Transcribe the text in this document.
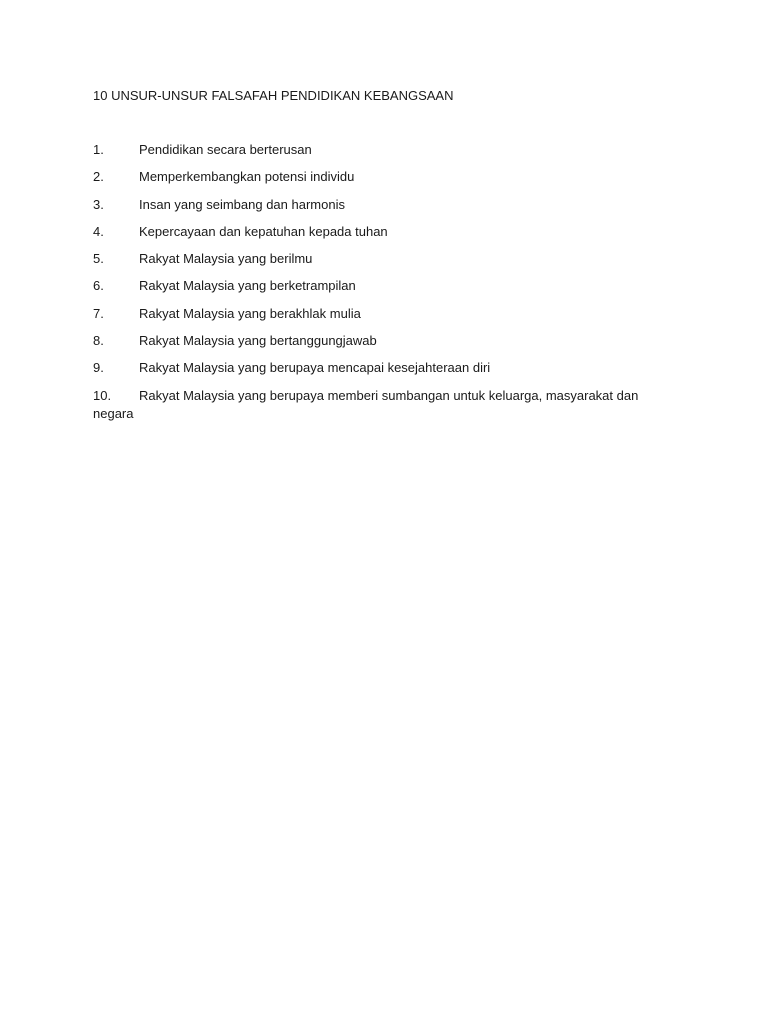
10 UNSUR-UNSUR FALSAFAH PENDIDIKAN KEBANGSAAN
1.	Pendidikan secara berterusan
2.	Memperkembangkan potensi individu
3.	Insan yang seimbang dan harmonis
4.	Kepercayaan dan kepatuhan kepada tuhan
5.	Rakyat Malaysia yang berilmu
6.	Rakyat Malaysia yang berketrampilan
7.	Rakyat Malaysia yang berakhlak mulia
8.	Rakyat Malaysia yang bertanggungjawab
9.	Rakyat Malaysia yang berupaya mencapai kesejahteraan diri
10. Rakyat Malaysia yang berupaya memberi sumbangan untuk keluarga, masyarakat dan negara
